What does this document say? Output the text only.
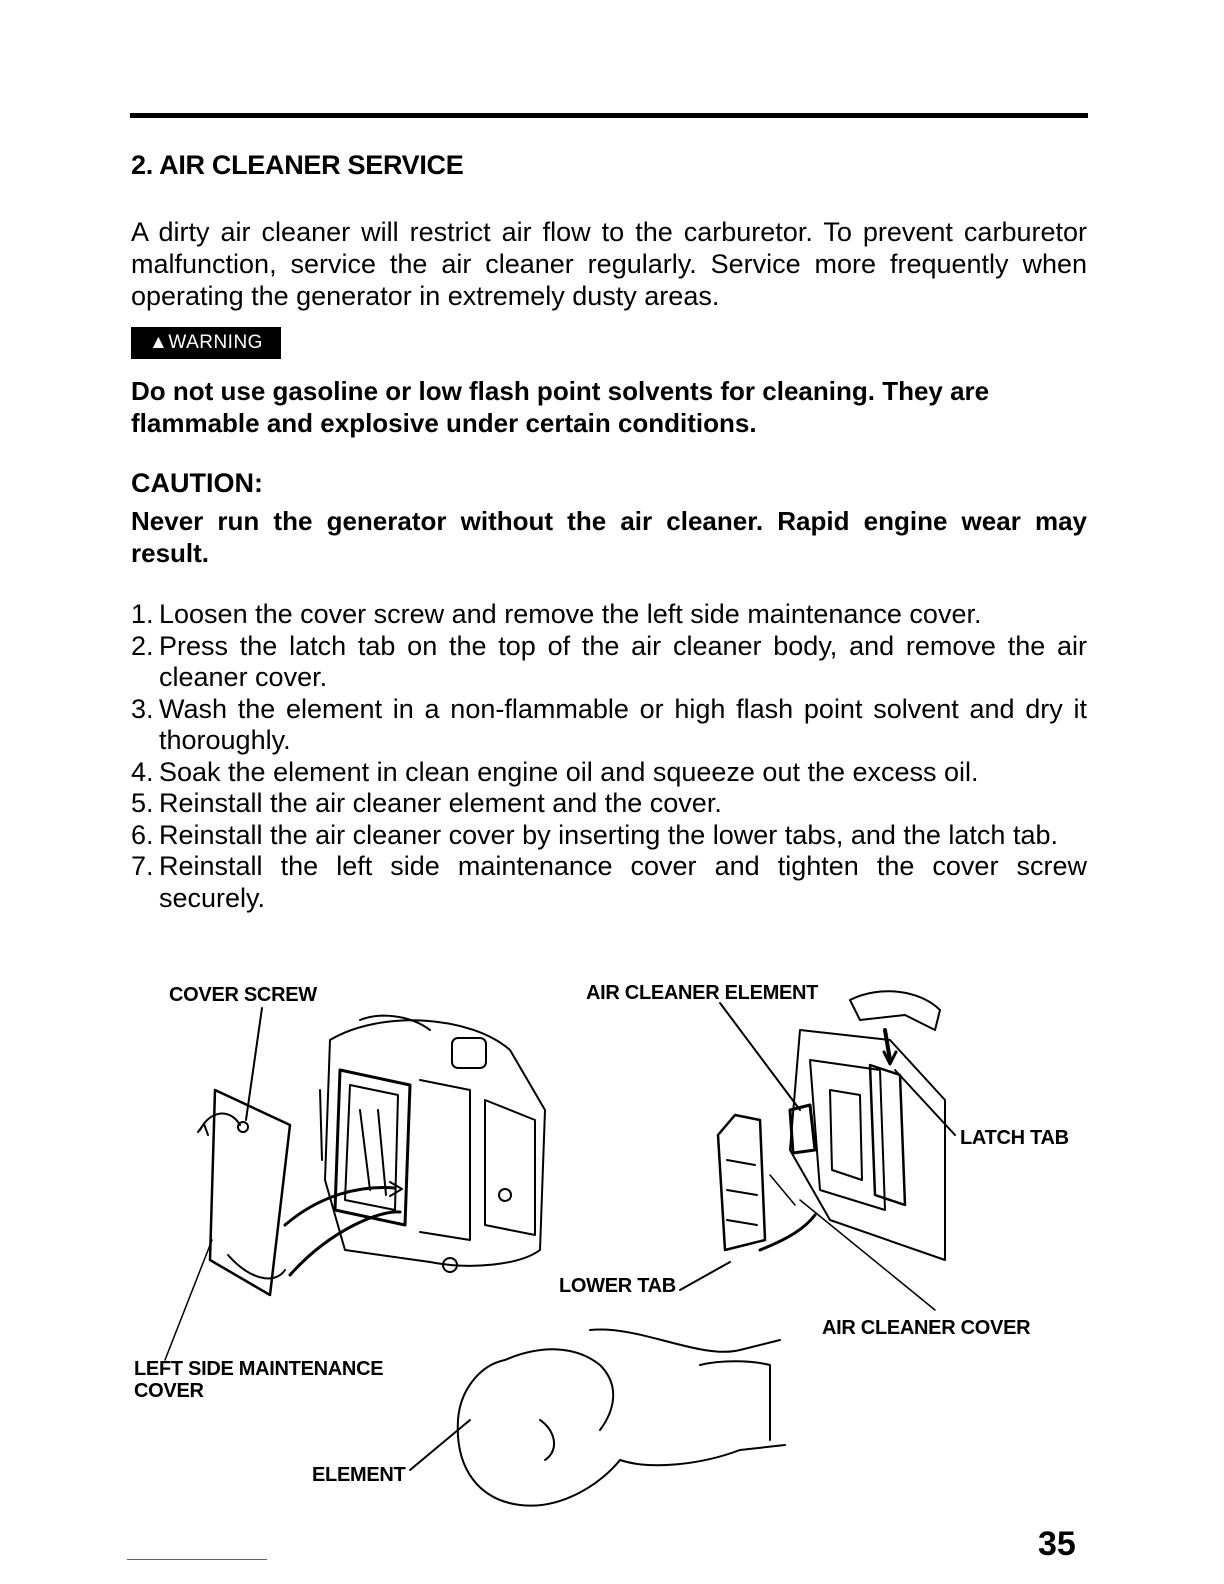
2. AIR CLEANER SERVICE
A dirty air cleaner will restrict air flow to the carburetor. To prevent carburetor malfunction, service the air cleaner regularly. Service more frequently when operating the generator in extremely dusty areas.
▲WARNING
Do not use gasoline or low flash point solvents for cleaning. They are flammable and explosive under certain conditions.
CAUTION:
Never run the generator without the air cleaner. Rapid engine wear may result.
1. Loosen the cover screw and remove the left side maintenance cover.
2. Press the latch tab on the top of the air cleaner body, and remove the air cleaner cover.
3. Wash the element in a non-flammable or high flash point solvent and dry it thoroughly.
4. Soak the element in clean engine oil and squeeze out the excess oil.
5. Reinstall the air cleaner element and the cover.
6. Reinstall the air cleaner cover by inserting the lower tabs, and the latch tab.
7. Reinstall the left side maintenance cover and tighten the cover screw securely.
COVER SCREW	AIR CLEANER ELEMENT
LATCH TAB
LOWER TAB
AIR CLEANER COVER
LEFT SIDE MAINTENANCE
COVER
ELEMENT
35
